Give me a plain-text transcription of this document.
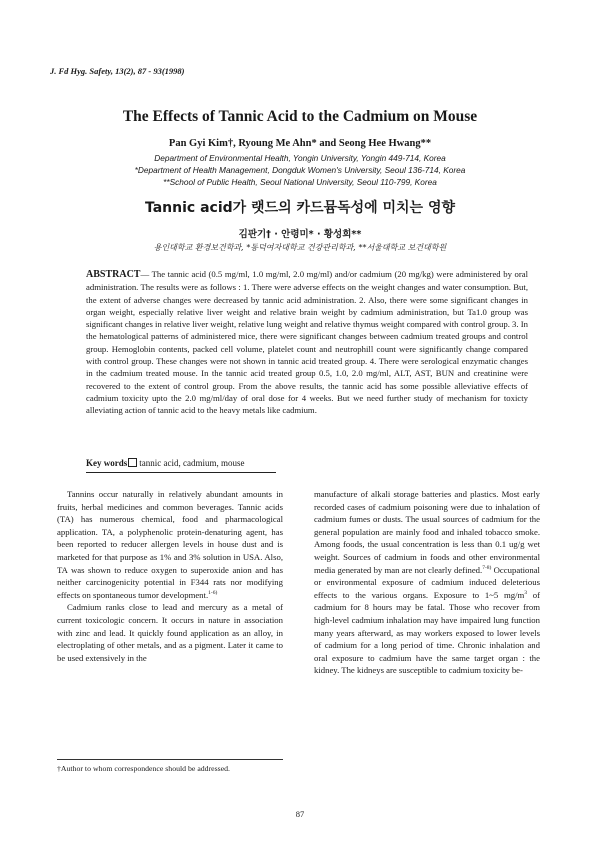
J. Fd Hyg. Safety, 13(2), 87 - 93(1998)
The Effects of Tannic Acid to the Cadmium on Mouse
Pan Gyi Kim†, Ryoung Me Ahn* and Seong Hee Hwang**
Department of Environmental Health, Yongin University, Yongin 449-714, Korea
*Department of Health Management, Dongduk Women's University, Seoul 136-714, Korea
**School of Public Health, Seoul National University, Seoul 110-799, Korea
Tannic acid가 랫드의 카드뮴독성에 미치는 영향
김판기† · 안령미* · 황성희**
용인대학교 환경보건학과, *동덕여자대학교 건강관리학과, **서울대학교 보건대학원
ABSTRACT— The tannic acid (0.5 mg/ml, 1.0 mg/ml, 2.0 mg/ml) and/or cadmium (20 mg/kg) were administered by oral administration. The results were as follows : 1. There were adverse effects on the weight changes and water consumption. But, the extent of adverse changes were decreased by tannic acid administration. 2. Also, there were some significant changes in organ weight, especially relative liver weight and relative brain weight by cadmium administration, but Ta1.0 group was significant changes in relative liver weight, relative lung weight and relative thymus weight compared with control group. 3. In the hematological patterns of administered mice, there were significant changes between cadmium treated groups and control group. Hemoglobin contents, packed cell volume, platelet count and neutrophill count were significantly change compared with control group. These changes were not shown in tannic acid treated group. 4. There were serological enzymatic changes in the cadmium treated mouse. In the tannic acid treated group 0.5, 1.0, 2.0 mg/ml, ALT, AST, BUN and creatinine were recovered to the extent of control group. From the above results, the tannic acid has some possible alleviative effects of cadmium toxicity upto the 2.0 mg/ml/day of oral dose for 4 weeks. But we need further study of mechanism for toxicty alleviating action of tannic acid to the heavy metals like cadmium.
Key words tannic acid, cadmium, mouse

Tannins occur naturally in relatively abundant amounts in fruits, herbal medicines and common beverages. Tannic acids (TA) has numerous chemical, food and pharmacological application. TA, a polyphenolic protein-denaturing agent, has been reported to reducer allergen levels in house dust and is marketed for that purpose as 1% and 3% solution in USA. Also, TA was shown to reduce oxygen to superoxide anion and has neither carcinogenicity potential in F344 rats nor modifying effects on spontaneous tumor development.$^{1-6)}$

Cadmium ranks close to lead and mercury as a metal of current toxicologic concern. It occurs in nature in association with zinc and lead. It quickly found application as an alloy, in electroplating of other metals, and as a pigment. Later it came to be used extensively in the

manufacture of alkali storage batteries and plastics. Most early recorded cases of cadmium poisoning were due to inhalation of cadmium fumes or dusts. The usual sources of cadmium for the general population are mainly food and inhaled tobacco smoke. Among foods, the usual concentration is less than 0.1 ug/g wet weight. Sources of cadmium in foods and other environmental media generated by man are not clearly defined.$^{7-8)}$ Occupational or environmental exposure of cadmium induced deleterious effects to the various organs. Exposure to 1~5 $mg/m^3$ of cadmium for 8 hours may be fatal. Those who recover from high-level cadmium inhalation may have impaired lung function many years afterward, as may workers exposed to lower levels of cadmium for a long period of time. Chronic inhalation and oral exposure to cadmium have the same target organ : the kidney. The kidneys are susceptible to cadmium toxicity be-

†Author to whom correspondence should be addressed.
87
